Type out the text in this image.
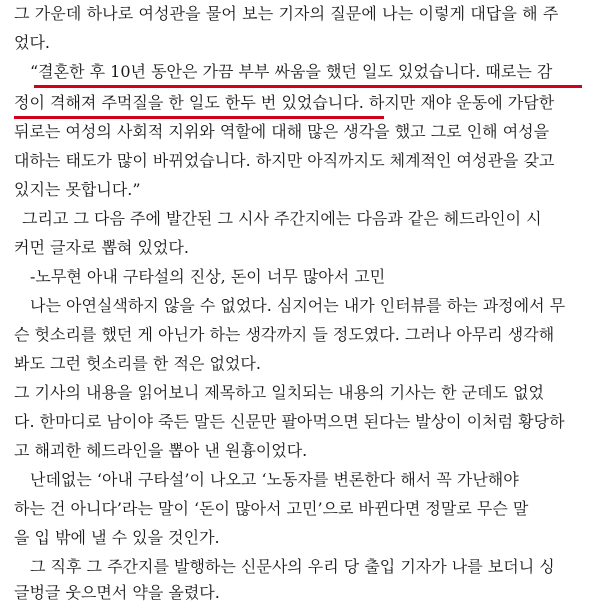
그 가운데 하나로 여성관을 물어 보는 기자의 질문에 나는 이렇게 대답을 해 주
었다.
“결혼한 후 10년 동안은 가끔 부부 싸움을 했던 일도 있었습니다. 때로는 감
정이 격해져 주먹질을 한 일도 한두 번 있었습니다. 하지만 재야 운동에 가담한
뒤로는 여성의 사회적 지위와 역할에 대해 많은 생각을 했고 그로 인해 여성을
대하는 태도가 많이 바뀌었습니다. 하지만 아직까지도 체계적인 여성관을 갖고
있지는 못합니다.”
그리고 그 다음 주에 발간된 그 시사 주간지에는 다음과 같은 헤드라인이 시
커먼 글자로 뽑혀 있었다.
-노무현 아내 구타설의 진상, 돈이 너무 많아서 고민
나는 아연실색하지 않을 수 없었다. 심지어는 내가 인터뷰를 하는 과정에서 무
슨 헛소리를 했던 게 아닌가 하는 생각까지 들 정도였다. 그러나 아무리 생각해
봐도 그런 헛소리를 한 적은 없었다.
그 기사의 내용을 읽어보니 제목하고 일치되는 내용의 기사는 한 군데도 없었
다. 한마디로 남이야 죽든 말든 신문만 팔아먹으면 된다는 발상이 이처럼 황당하
고 해괴한 헤드라인을 뽑아 낸 원흉이었다.
난데없는 ‘아내 구타설’이 나오고 ‘노동자를 변론한다 해서 꼭 가난해야
하는 건 아니다’라는 말이 ‘돈이 많아서 고민’으로 바뀐다면 정말로 무슨 말
을 입 밖에 낼 수 있을 것인가.
그 직후 그 주간지를 발행하는 신문사의 우리 당 출입 기자가 나를 보더니 싱
글벙글 웃으면서 약을 올렸다.
